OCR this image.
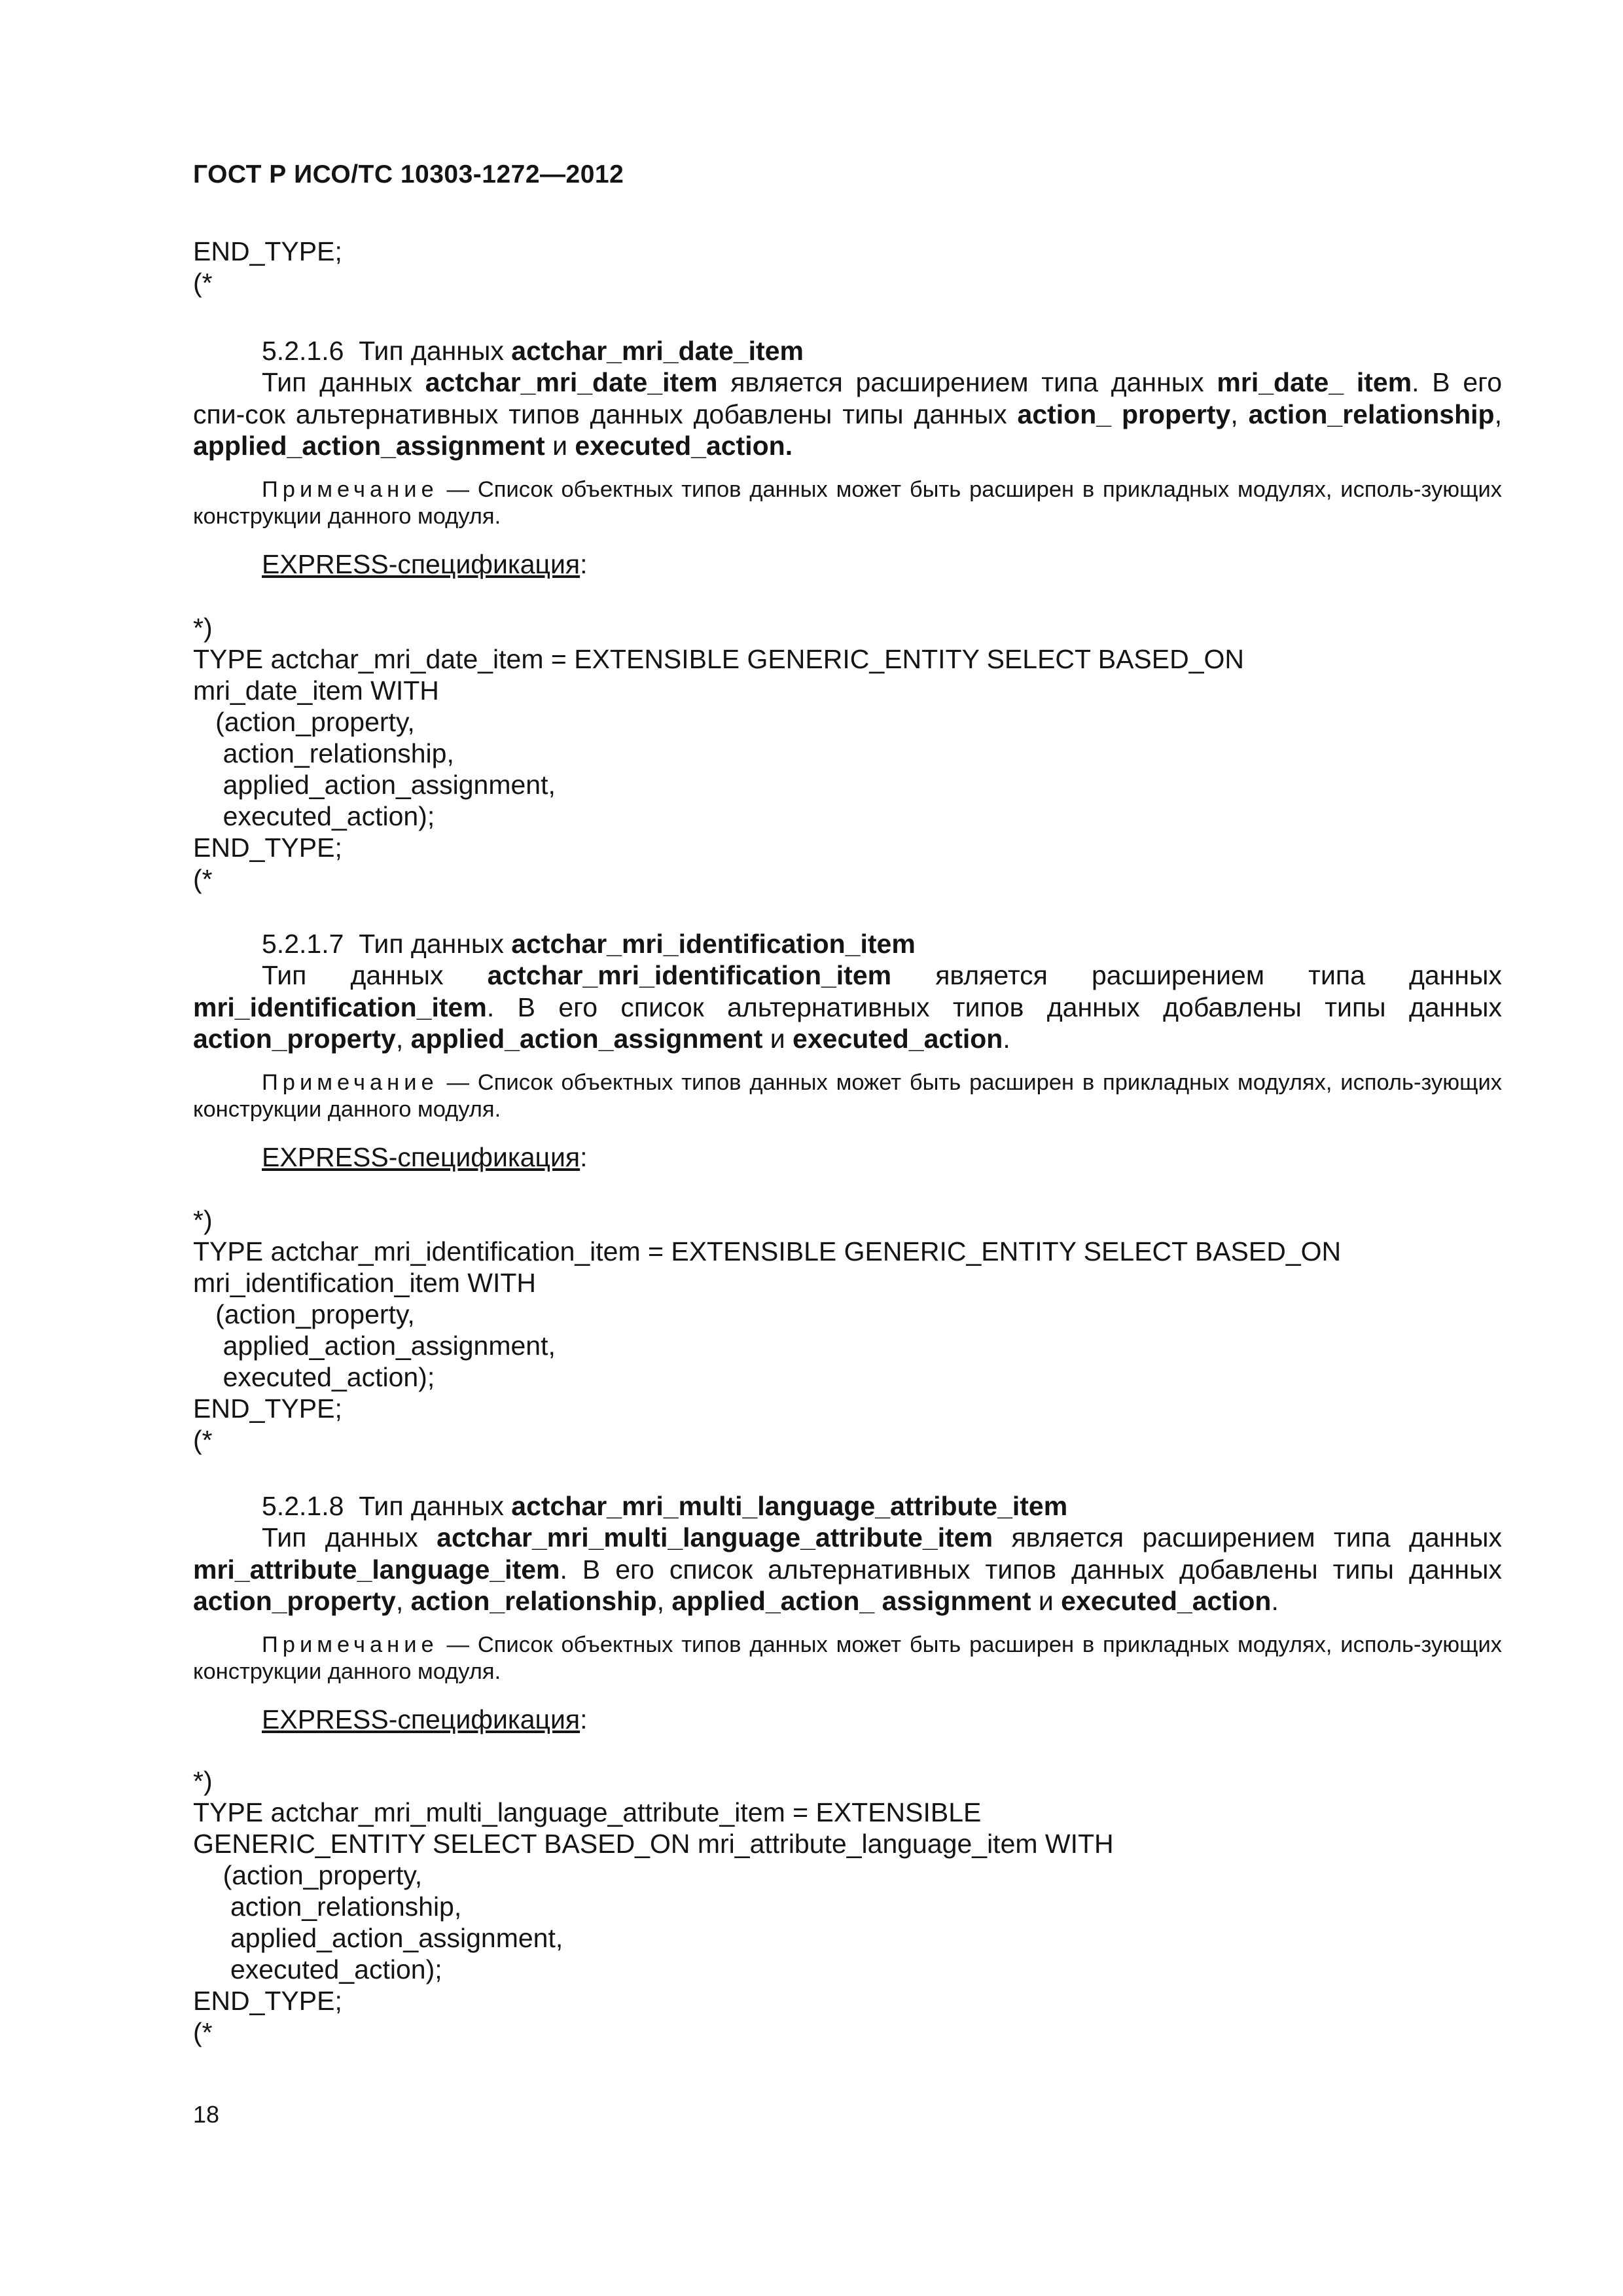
ГОСТ Р ИСО/ТС 10303-1272—2012
END_TYPE;
(*
5.2.1.6 Тип данных actchar_mri_date_item

Тип данных actchar_mri_date_item является расширением типа данных mri_date_ item. В его спи-сок альтернативных типов данных добавлены типы данных action_ property, action_relationship, applied_action_assignment и executed_action.

Примечание — Список объектных типов данных может быть расширен в прикладных модулях, исполь-зующих конструкции данного модуля.
EXPRESS-спецификация:
*)
TYPE actchar_mri_date_item = EXTENSIBLE GENERIC_ENTITY SELECT BASED_ON
mri_date_item WITH
(action_property,
action_relationship,
applied_action_assignment,
executed_action);
END_TYPE;
(*
5.2.1.7 Тип данных actchar_mri_identification_item

Тип данных actchar_mri_identification_item является расширением типа данных mri_identification_item. В его список альтернативных типов данных добавлены типы данных action_property, applied_action_assignment и executed_action.

Примечание — Список объектных типов данных может быть расширен в прикладных модулях, исполь-зующих конструкции данного модуля.
EXPRESS-спецификация:
*)
TYPE actchar_mri_identification_item = EXTENSIBLE GENERIC_ENTITY SELECT BASED_ON
mri_identification_item WITH
(action_property,
applied_action_assignment,
executed_action);
END_TYPE;
(*
5.2.1.8 Тип данных actchar_mri_multi_language_attribute_item

Тип данных actchar_mri_multi_language_attribute_item является расширением типа данных mri_attribute_language_item. В его список альтернативных типов данных добавлены типы данных action_property, action_relationship, applied_action_ assignment и executed_action.

Примечание — Список объектных типов данных может быть расширен в прикладных модулях, исполь-зующих конструкции данного модуля.
EXPRESS-спецификация:
*)
TYPE actchar_mri_multi_language_attribute_item = EXTENSIBLE
GENERIC_ENTITY SELECT BASED_ON mri_attribute_language_item WITH
(action_property,
action_relationship,
applied_action_assignment,
executed_action);
END_TYPE;
(*
18
